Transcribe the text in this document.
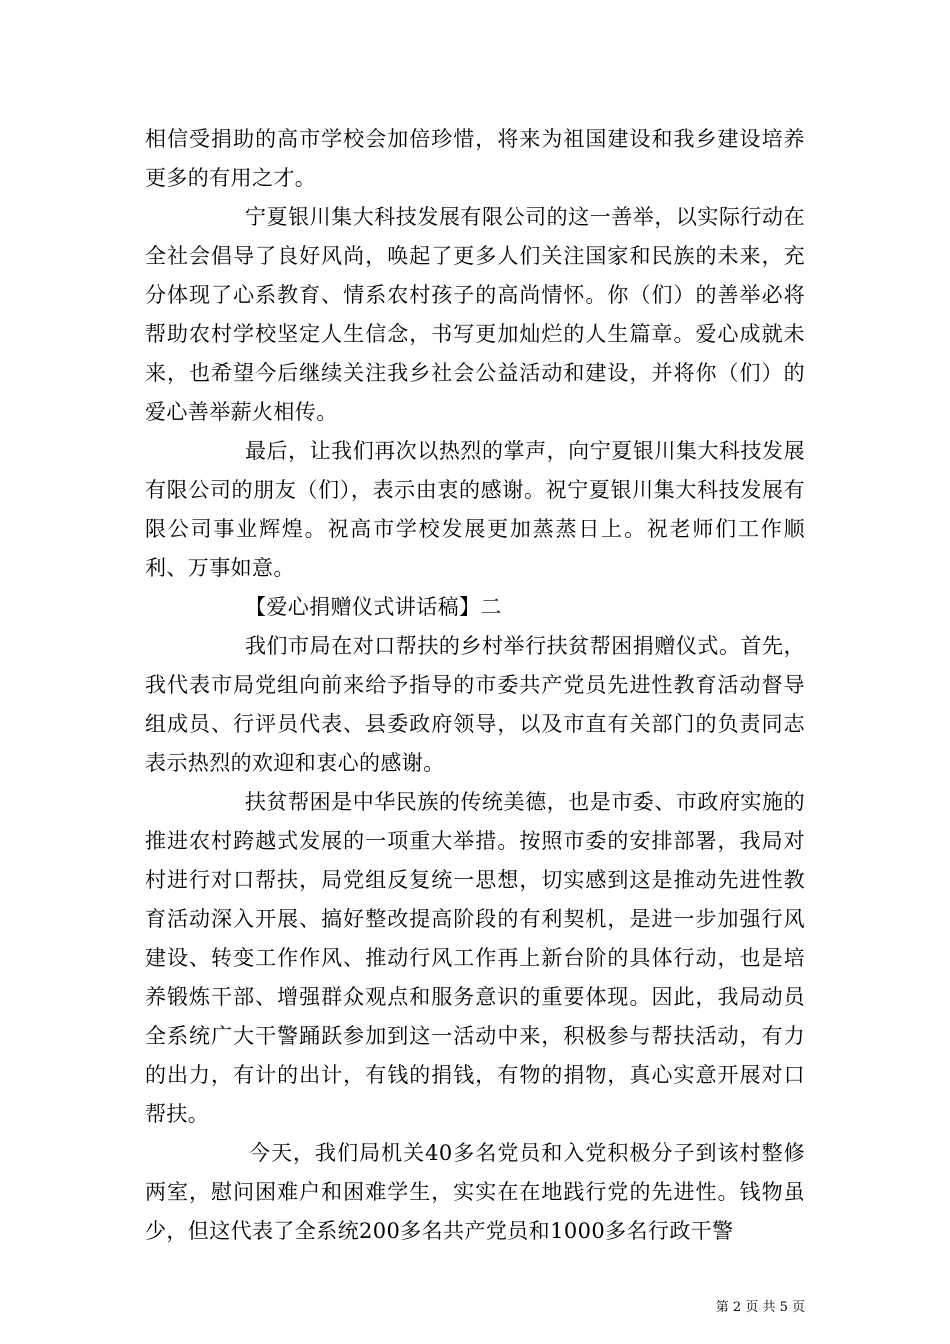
相信受捐助的高市学校会加倍珍惜，将来为祖国建设和我乡建设培养更多的有用之才。

宁夏银川集大科技发展有限公司的这一善举，以实际行动在全社会倡导了良好风尚，唤起了更多人们关注国家和民族的未来，充分体现了心系教育、情系农村孩子的高尚情怀。你（们）的善举必将帮助农村学校坚定人生信念，书写更加灿烂的人生篇章。爱心成就未来，也希望今后继续关注我乡社会公益活动和建设，并将你（们）的爱心善举薪火相传。

最后，让我们再次以热烈的掌声，向宁夏银川集大科技发展有限公司的朋友（们），表示由衷的感谢。祝宁夏银川集大科技发展有限公司事业辉煌。祝高市学校发展更加蒸蒸日上。祝老师们工作顺利、万事如意。

【爱心捐赠仪式讲话稿】二

我们市局在对口帮扶的乡村举行扶贫帮困捐赠仪式。首先，我代表市局党组向前来给予指导的市委共产党员先进性教育活动督导组成员、行评员代表、县委政府领导，以及市直有关部门的负责同志表示热烈的欢迎和衷心的感谢。

扶贫帮困是中华民族的传统美德，也是市委、市政府实施的推进农村跨越式发展的一项重大举措。按照市委的安排部署，我局对村进行对口帮扶，局党组反复统一思想，切实感到这是推动先进性教育活动深入开展、搞好整改提高阶段的有利契机，是进一步加强行风建设、转变工作作风、推动行风工作再上新台阶的具体行动，也是培养锻炼干部、增强群众观点和服务意识的重要体现。因此，我局动员全系统广大干警踊跃参加到这一活动中来，积极参与帮扶活动，有力的出力，有计的出计，有钱的捐钱，有物的捐物，真心实意开展对口帮扶。

今天，我们局机关40多名党员和入党积极分子到该村整修两室，慰问困难户和困难学生，实实在在地践行党的先进性。钱物虽少，但这代表了全系统200多名共产党员和1000多名行政干警

第 2 页 共 5 页
